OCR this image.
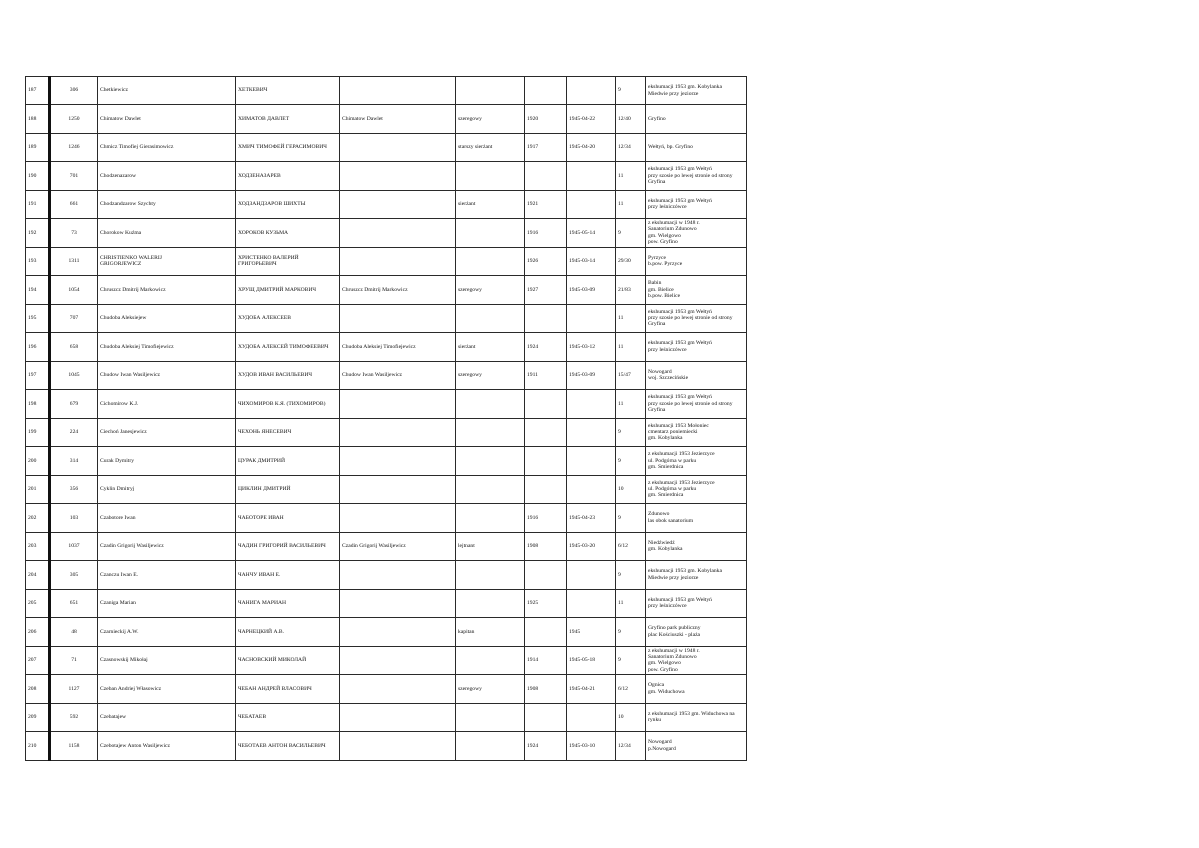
187	306	Chetkiewicz	ХЕТКЕВИЧ					9	ekshumacji 1953 gm. Kobylanka
Miedwie przy jeziorze
188	1250	Chimatow Dawlet	ХИМАТОВ ДАВЛЕТ	Chimatow Dawlet	szeregowy	1920	1945-04-22	12/40	Gryfino
189	1246	Chmicz Timofiej Gierasimowicz	ХМИЧ ТИМОФЕЙ ГЕРАСИМОВИЧ		starszy sierżant	1917	1945-04-20	12/34	Wełtyń, bp. Gryfino
190	701	Chodzenazarow	ХОДЗЕНАЗАРЕВ					11	ekshumacji 1953 gm Wełtyń
przy szosie po lewej stronie od strony
Gryfina
191	661	Chodzandzarow Szychty	ХОДЗАНДЗАРОВ ШИХТЫ		sierżant	1921		11	ekshumacji 1953 gm Wełtyń
przy leśniczówce
192	73	Chorokow Kuźma	ХОРОКОВ КУЗЬМА			1916	1945-05-14	9	z ekshumacji w 1948 r.
Sanatorium Zdunowo
gm. Wielgowo
pow. Gryfino
193	1311	CHRISTIENKO WALERIJ
GRIGORJEWICZ	ХРИСТЕНКО ВАЛЕРИЙ
ГРИГОРЬЕВИЧ			1926	1945-03-14	29/30	Pyrzyce
b.pow. Pyrzyce
194	1054	Chruszcz Dmitrij Markowicz	ХРУЩ ДМИТРИЙ МАРКОВИЧ	Chruszcz Dmitrij Markowicz	szeregowy	1927	1945-03-09	21/83	Babin
gm. Bielice
b.pow. Bielice
195	707	Chudoba Aleksiejew	ХУДОБА АЛЕКСЕЕВ					11	ekshumacji 1953 gm Wełtyń
przy szosie po lewej stronie od strony
Gryfina
196	658	Chudoba Aleksiej Timofiejewicz	ХУДОБА АЛЕКСЕЙ ТИМОФЕЕВИЧ	Chudoba Aleksiej Timofiejewicz	sierżant	1924	1945-03-12	11	ekshumacji 1953 gm Wełtyń
przy leśniczówce
197	1045	Chudow Iwan Wasiljewicz	ХУДОВ ИВАН ВАСИЛЬЕВИЧ	Chudow Iwan Wasiljewicz	szeregowy	1911	1945-03-09	15/47	Nowogard
woj. Szczecińskie
198	679	Cichomirow K.J.	ЧИХОМИРОВ К.Я. (ТИХОМИРОВ)					11	ekshumacji 1953 gm Wełtyń
przy szosie po lewej stronie od strony
Gryfina
199	224	Ciechoń Janesjewicz	ЧЕХОНЬ ЯНЕСЕВИЧ					9	ekshumacji 1953 Mołoniec
cmentarz poniemiecki
gm. Kobylanka
200	314	Curak Dymitry	ЦУРАК ДМИТРИЙ					9	z ekshumacji 1953 Jezierzyce
ul. Podgórna w parku
gm. Smierdnica
201	356	Cyklin Dmitryj	ЦИКЛИН ДМИТРИЙ					10	z ekshumacji 1953 Jezierzyce
ul. Podgórna w parku
gm. Smierdnica
202	103	Czabotore Iwan	ЧАБОТОРЕ ИВАН			1916	1945-04-23	9	Zdunowo
las obok sanatorium
203	1037	Czadin Grigorij Wasiljewicz	ЧАДИН ГРИГОРИЙ ВАСИЛЬЕВИЧ	Czadin Grigorij Wasiljewicz	lejtnant	1908	1945-03-20	6/12	Niedźwiedź
gm. Kobylanka
204	305	Czanczu Iwan E.	ЧАНЧУ ИВАН Е.					9	ekshumacji 1953 gm. Kobylanka
Miedwie przy jeziorze
205	651	Czaniga Marian	ЧАНИГА МАРИАН			1925		11	ekshumacji 1953 gm Wełtyń
przy leśniczówce
206	48	Czarnieckij A.W.	ЧАРНЕЦКИЙ А.В.		kapitan		1945	9	Gryfino park publiczny
plac Kościuszki - plaża
207	71	Czasnowskij Mikołaj	ЧАСНОВСКИЙ МИКОЛАЙ			1914	1945-05-18	9	z ekshumacji w 1948 r.
Sanatorium Zdunowo
gm. Wielgowo
pow. Gryfino
208	1127	Czeban Andriej Własowicz	ЧЕБАН АНДРЕЙ ВЛАСОВИЧ		szeregowy	1908	1945-04-21	6/12	Ognica
gm. Widuchowa
209	592	Czebatajew	ЧЕБАТАЕВ					10	z ekshumacji 1953 gm. Widuchowa na
rynku
210	1158	Czebotajew Anton Wasiljewicz	ЧЕБОТАЕВ АНТОН ВАСИЛЬЕВИЧ			1924	1945-03-10	12/34	Nowogard
p.Nowogard
